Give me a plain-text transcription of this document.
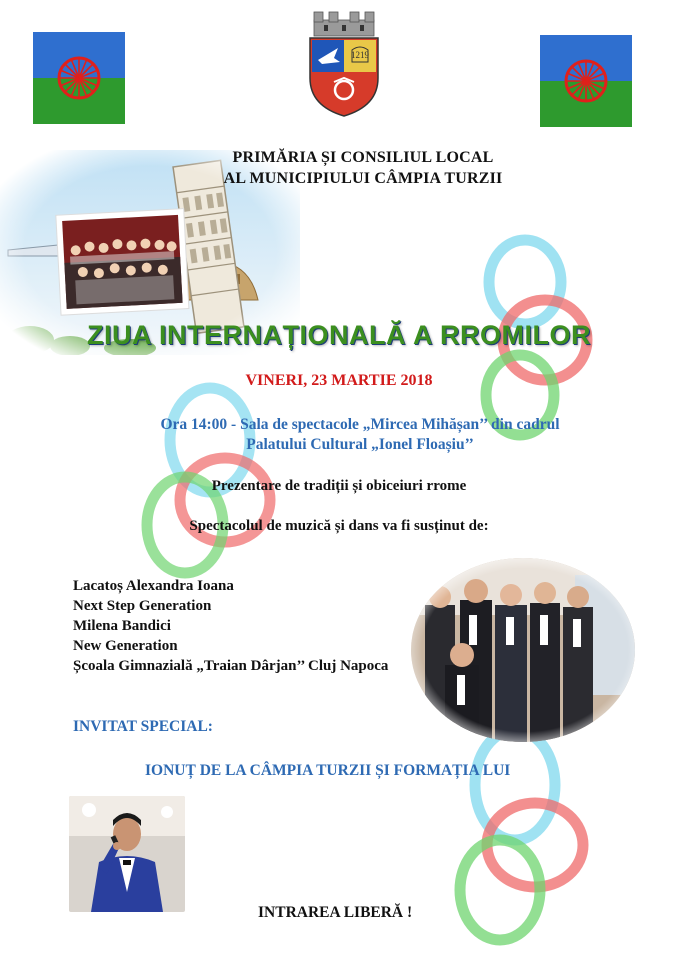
1219
PRIMĂRIA ȘI CONSILIUL LOCAL
AL MUNICIPIULUI CÂMPIA TURZII
ZIUA INTERNAȚIONALĂ A RROMILOR
VINERI, 23 MARTIE 2018
Ora 14:00 - Sala de spectacole „Mircea Mihășan’’ din cadrul
Palatului Cultural „Ionel Floașiu’’
Prezentare de tradiții și obiceiuri rrome
Spectacolul de muzică și dans va fi susținut de:
Lacatoș Alexandra Ioana
Next Step Generation
Milena Bandici
New Generation
Școala Gimnazială „Traian Dârjan’’ Cluj Napoca
INVITAT SPECIAL:
IONUȚ DE LA CÂMPIA TURZII ȘI FORMAȚIA LUI
INTRAREA LIBERĂ !
